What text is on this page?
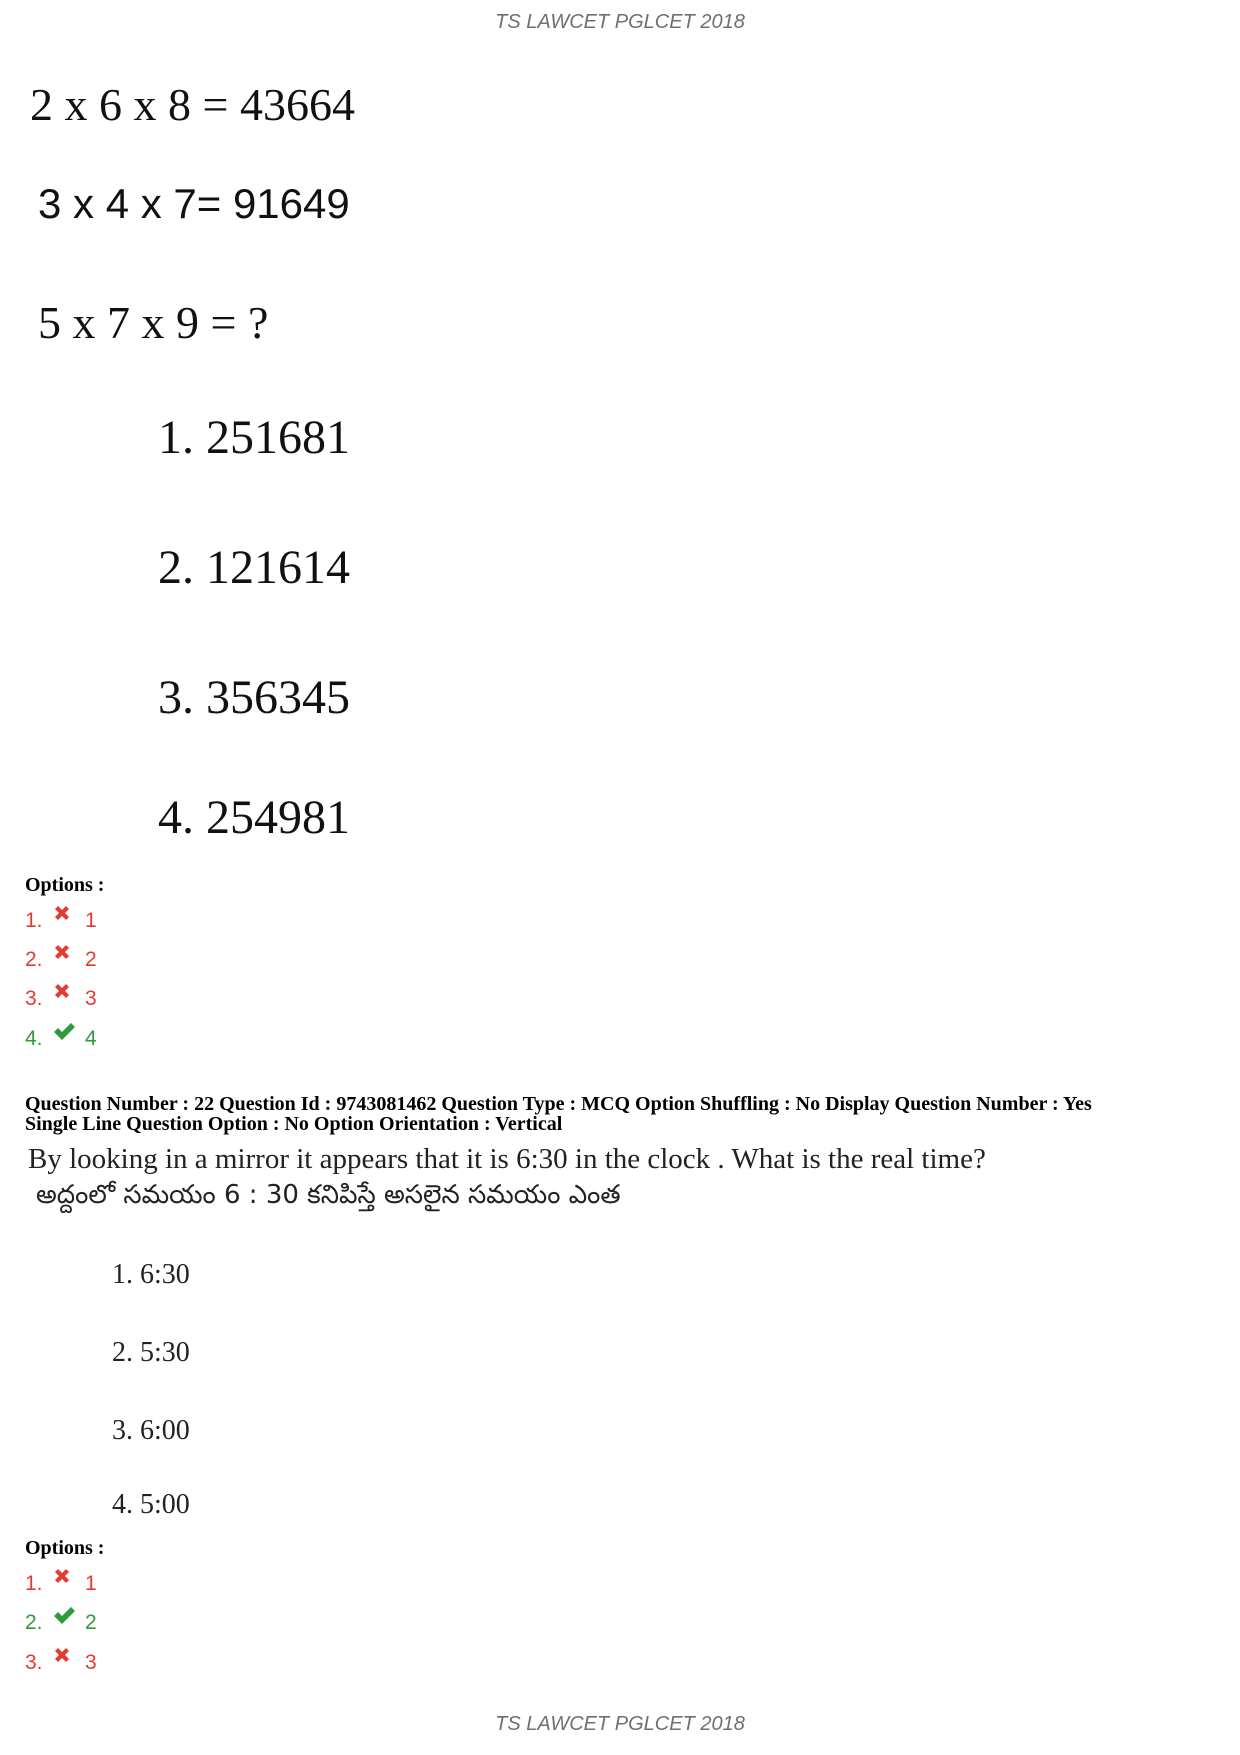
TS LAWCET PGLCET 2018
2 x 6 x 8 = 43664
3 x 4 x 7= 91649
5 x 7 x 9 = ?
1. 251681
2. 121614
3. 356345
4. 254981
Options :
1.	1
2.	2
3.	3
4.	4
Question Number : 22 Question Id : 9743081462 Question Type : MCQ Option Shuffling : No Display Question Number : Yes
Single Line Question Option : No Option Orientation : Vertical
By looking in a mirror it appears that it is 6:30 in the clock . What is the real time?
అద్దంలో సమయం 6 : 30 కనిపిస్తే అసలైన సమయం ఎంత
1. 6:30
2. 5:30
3. 6:00
4. 5:00
Options :
1.	1
2.	2
3.	3
TS LAWCET PGLCET 2018
